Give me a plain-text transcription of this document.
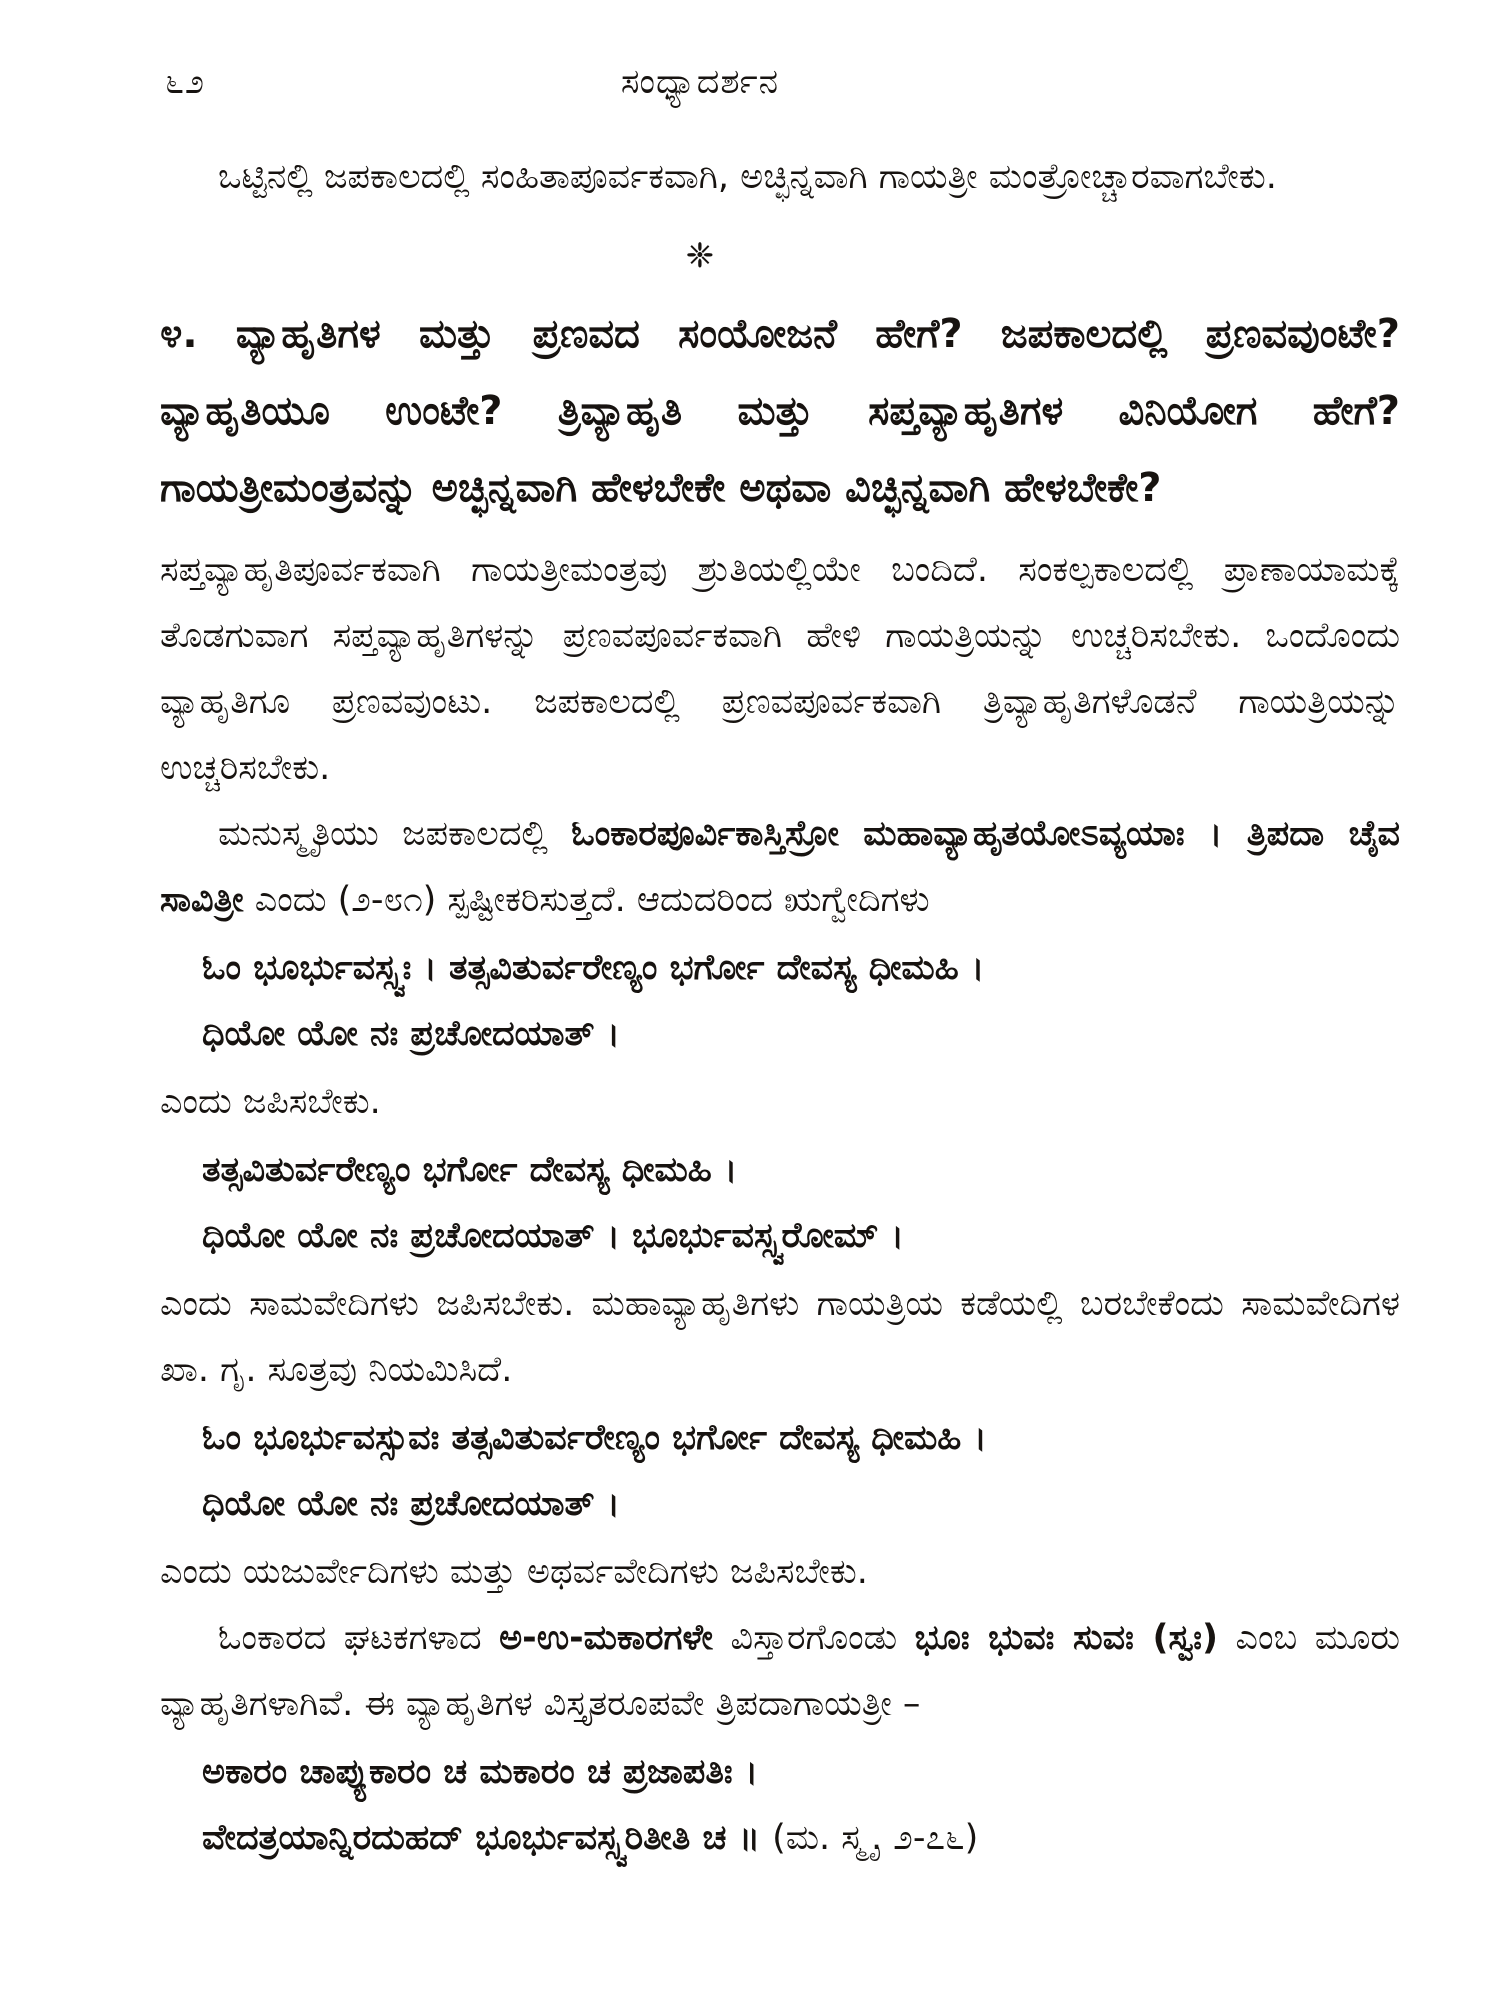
೬೨	ಸಂಧ್ಯಾದರ್ಶನ

ಒಟ್ಟಿನಲ್ಲಿ ಜಪಕಾಲದಲ್ಲಿ ಸಂಹಿತಾಪೂರ್ವಕವಾಗಿ, ಅಚ್ಛಿನ್ನವಾಗಿ ಗಾಯತ್ರೀ ಮಂತ್ರೋಚ್ಚಾರವಾಗಬೇಕು.

❈
೪. ವ್ಯಾಹೃತಿಗಳ ಮತ್ತು ಪ್ರಣವದ ಸಂಯೋಜನೆ ಹೇಗೆ? ಜಪಕಾಲದಲ್ಲಿ ಪ್ರಣವವುಂಟೇ? ವ್ಯಾಹೃತಿಯೂ ಉಂಟೇ? ತ್ರಿವ್ಯಾಹೃತಿ ಮತ್ತು ಸಪ್ತವ್ಯಾಹೃತಿಗಳ ವಿನಿಯೋಗ ಹೇಗೆ? ಗಾಯತ್ರೀಮಂತ್ರವನ್ನು ಅಚ್ಛಿನ್ನವಾಗಿ ಹೇಳಬೇಕೇ ಅಥವಾ ವಿಚ್ಛಿನ್ನವಾಗಿ ಹೇಳಬೇಕೇ?

ಸಪ್ತವ್ಯಾಹೃತಿಪೂರ್ವಕವಾಗಿ ಗಾಯತ್ರೀಮಂತ್ರವು ಶ್ರುತಿಯಲ್ಲಿಯೇ ಬಂದಿದೆ. ಸಂಕಲ್ಪಕಾಲದಲ್ಲಿ ಪ್ರಾಣಾಯಾಮಕ್ಕೆ ತೊಡಗುವಾಗ ಸಪ್ತವ್ಯಾಹೃತಿಗಳನ್ನು ಪ್ರಣವಪೂರ್ವಕವಾಗಿ ಹೇಳಿ ಗಾಯತ್ರಿಯನ್ನು ಉಚ್ಚರಿಸಬೇಕು. ಒಂದೊಂದು ವ್ಯಾಹೃತಿಗೂ ಪ್ರಣವವುಂಟು. ಜಪಕಾಲದಲ್ಲಿ ಪ್ರಣವಪೂರ್ವಕವಾಗಿ ತ್ರಿವ್ಯಾಹೃತಿಗಳೊಡನೆ ಗಾಯತ್ರಿಯನ್ನು ಉಚ್ಚರಿಸಬೇಕು.

ಮನುಸ್ಮೃತಿಯು ಜಪಕಾಲದಲ್ಲಿ ಓಂಕಾರಪೂರ್ವಿಕಾಸ್ತಿಸ್ರೋ ಮಹಾವ್ಯಾಹೃತಯೋಽವ್ಯಯಾಃ । ತ್ರಿಪದಾ ಚೈವ ಸಾವಿತ್ರೀ ಎಂದು (೨-೮೧) ಸ್ಪಷ್ಟೀಕರಿಸುತ್ತದೆ. ಆದುದರಿಂದ ಋಗ್ವೇದಿಗಳು

ಓಂ ಭೂರ್ಭುವಸ್ಸ್ವಃ । ತತ್ಸವಿತುರ್ವರೇಣ್ಯಂ ಭರ್ಗೋ ದೇವಸ್ಯ ಧೀಮಹಿ ।
ಧಿಯೋ ಯೋ ನಃ ಪ್ರಚೋದಯಾತ್ ।

ಎಂದು ಜಪಿಸಬೇಕು.

ತತ್ಸವಿತುರ್ವರೇಣ್ಯಂ ಭರ್ಗೋ ದೇವಸ್ಯ ಧೀಮಹಿ ।
ಧಿಯೋ ಯೋ ನಃ ಪ್ರಚೋದಯಾತ್ । ಭೂರ್ಭುವಸ್ಸ್ವರೋಮ್ ।

ಎಂದು ಸಾಮವೇದಿಗಳು ಜಪಿಸಬೇಕು. ಮಹಾವ್ಯಾಹೃತಿಗಳು ಗಾಯತ್ರಿಯ ಕಡೆಯಲ್ಲಿ ಬರಬೇಕೆಂದು ಸಾಮವೇದಿಗಳ ಖಾ. ಗೃ. ಸೂತ್ರವು ನಿಯಮಿಸಿದೆ.

ಓಂ ಭೂರ್ಭುವಸ್ಸುವಃ ತತ್ಸವಿತುರ್ವರೇಣ್ಯಂ ಭರ್ಗೋ ದೇವಸ್ಯ ಧೀಮಹಿ ।
ಧಿಯೋ ಯೋ ನಃ ಪ್ರಚೋದಯಾತ್ ।

ಎಂದು ಯಜುರ್ವೇದಿಗಳು ಮತ್ತು ಅಥರ್ವವೇದಿಗಳು ಜಪಿಸಬೇಕು.

ಓಂಕಾರದ ಘಟಕಗಳಾದ ಅ-ಉ-ಮಕಾರಗಳೇ ವಿಸ್ತಾರಗೊಂಡು ಭೂಃ ಭುವಃ ಸುವಃ (ಸ್ವಃ) ಎಂಬ ಮೂರು ವ್ಯಾಹೃತಿಗಳಾಗಿವೆ. ಈ ವ್ಯಾಹೃತಿಗಳ ವಿಸ್ತೃತರೂಪವೇ ತ್ರಿಪದಾಗಾಯತ್ರೀ –

ಅಕಾರಂ ಚಾಪ್ಯುಕಾರಂ ಚ ಮಕಾರಂ ಚ ಪ್ರಜಾಪತಿಃ ।
ವೇದತ್ರಯಾನ್ನಿರದುಹದ್ ಭೂರ್ಭುವಸ್ಸ್ವರಿತೀತಿ ಚ ॥ (ಮ. ಸ್ಮೃ. ೨-೭೬)
